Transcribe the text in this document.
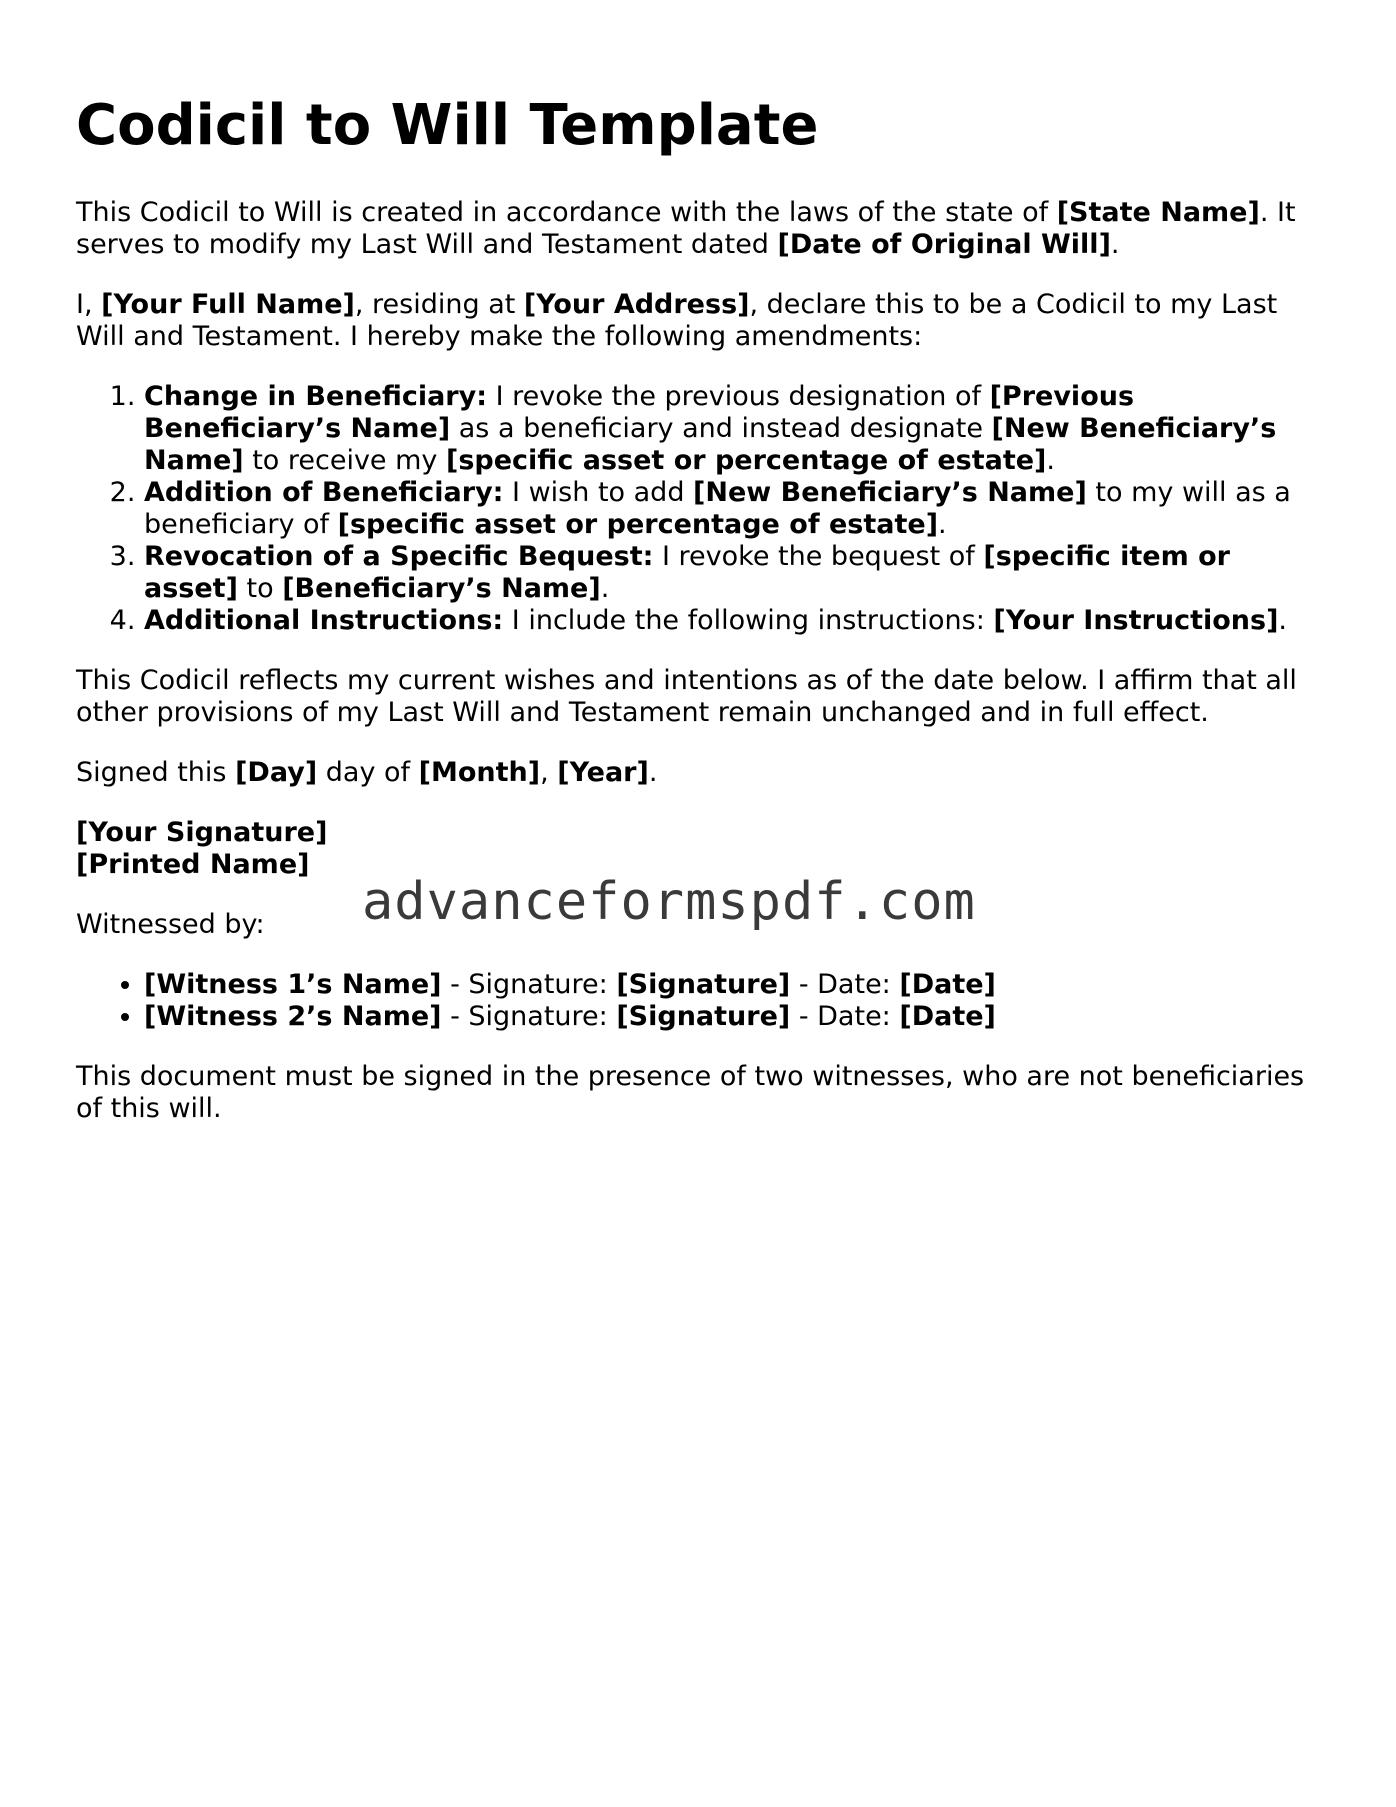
Codicil to Will Template

This Codicil to Will is created in accordance with the laws of the state of [State Name]. It serves to modify my Last Will and Testament dated [Date of Original Will].

I, [Your Full Name], residing at [Your Address], declare this to be a Codicil to my Last Will and Testament. I hereby make the following amendments:

1. Change in Beneficiary: I revoke the previous designation of [Previous Beneficiary’s Name] as a beneficiary and instead designate [New Beneficiary’s Name] to receive my [specific asset or percentage of estate].
2. Addition of Beneficiary: I wish to add [New Beneficiary’s Name] to my will as a beneficiary of [specific asset or percentage of estate].
3. Revocation of a Specific Bequest: I revoke the bequest of [specific item or asset] to [Beneficiary’s Name].
4. Additional Instructions: I include the following instructions: [Your Instructions].

This Codicil reflects my current wishes and intentions as of the date below. I affirm that all other provisions of my Last Will and Testament remain unchanged and in full effect.

Signed this [Day] day of [Month], [Year].

[Your Signature]
[Printed Name]

Witnessed by:

• [Witness 1’s Name] - Signature: [Signature] - Date: [Date]
• [Witness 2’s Name] - Signature: [Signature] - Date: [Date]

This document must be signed in the presence of two witnesses, who are not beneficiaries of this will.

advanceformspdf.com
